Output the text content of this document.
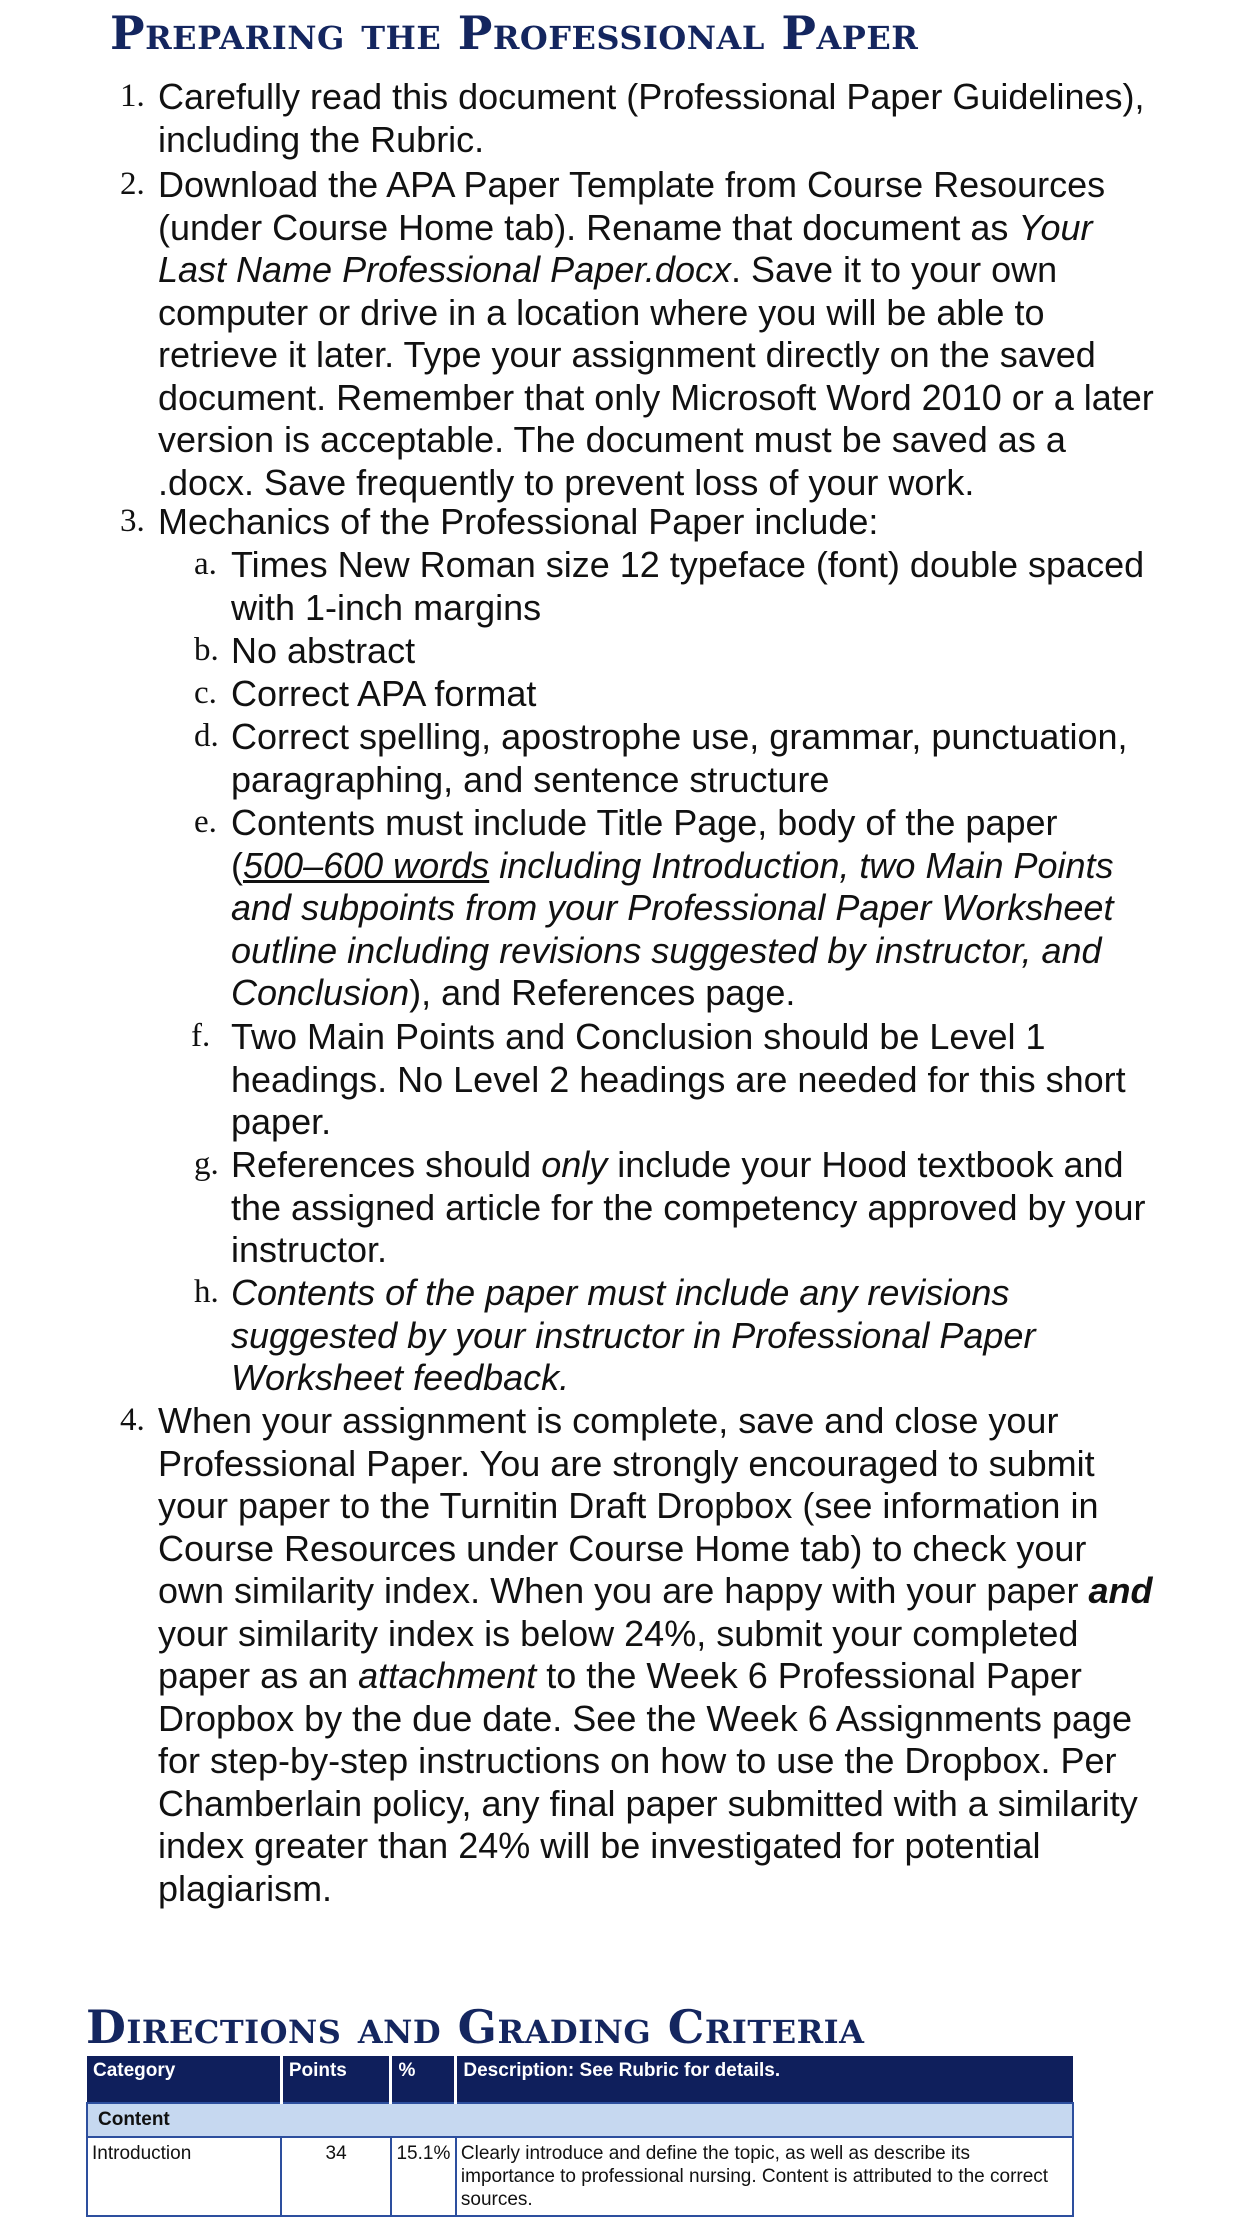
Preparing the Professional Paper
1. Carefully read this document (Professional Paper Guidelines), including the Rubric.

2. Download the APA Paper Template from Course Resources (under Course Home tab). Rename that document as Your Last Name Professional Paper.docx. Save it to your own computer or drive in a location where you will be able to retrieve it later. Type your assignment directly on the saved document. Remember that only Microsoft Word 2010 or a later version is acceptable. The document must be saved as a .docx. Save frequently to prevent loss of your work.

3. Mechanics of the Professional Paper include:

a. Times New Roman size 12 typeface (font) double spaced with 1-inch margins

b. No abstract

c. Correct APA format

d. Correct spelling, apostrophe use, grammar, punctuation, paragraphing, and sentence structure

e. Contents must include Title Page, body of the paper (500–600 words including Introduction, two Main Points and subpoints from your Professional Paper Worksheet outline including revisions suggested by instructor, and Conclusion), and References page.

f. Two Main Points and Conclusion should be Level 1 headings. No Level 2 headings are needed for this short paper.

g. References should only include your Hood textbook and the assigned article for the competency approved by your instructor.

h. Contents of the paper must include any revisions suggested by your instructor in Professional Paper Worksheet feedback.

4. When your assignment is complete, save and close your Professional Paper. You are strongly encouraged to submit your paper to the Turnitin Draft Dropbox (see information in Course Resources under Course Home tab) to check your own similarity index. When you are happy with your paper and your similarity index is below 24%, submit your completed paper as an attachment to the Week 6 Professional Paper Dropbox by the due date. See the Week 6 Assignments page for step-by-step instructions on how to use the Dropbox. Per Chamberlain policy, any final paper submitted with a similarity index greater than 24% will be investigated for potential plagiarism.

Directions and Grading Criteria
Category	Points	%	Description: See Rubric for details.
Content			
Introduction	34	15.1%	Clearly introduce and define the topic, as well as describe its importance to professional nursing. Content is attributed to the correct sources.
